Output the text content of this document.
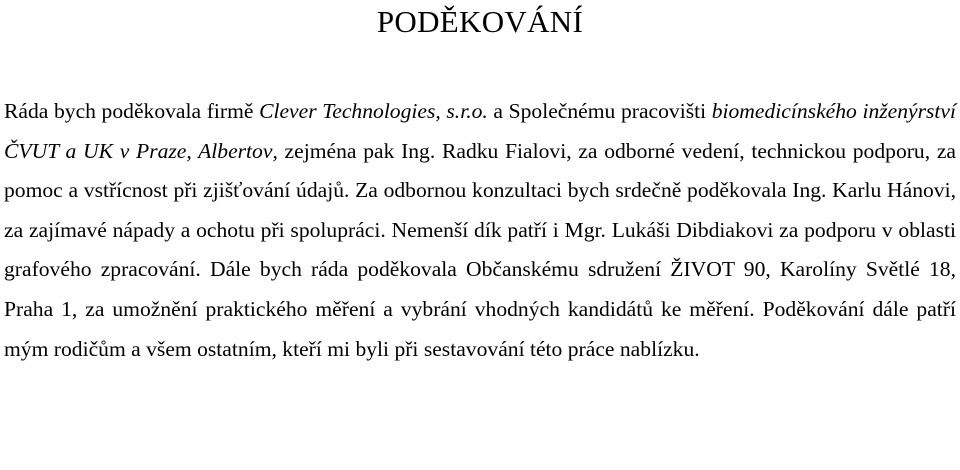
PODĚKOVÁNÍ

Ráda bych poděkovala firmě Clever Technologies, s.r.o. a Společnému pracovišti biomedicínského inženýrství ČVUT a UK v Praze, Albertov, zejména pak Ing. Radku Fialovi, za odborné vedení, technickou podporu, za pomoc a vstřícnost při zjišťování údajů. Za odbornou konzultaci bych srdečně poděkovala Ing. Karlu Hánovi, za zajímavé nápady a ochotu při spolupráci. Nemenší dík patří i Mgr. Lukáši Dibdiakovi za podporu v oblasti grafového zpracování. Dále bych ráda poděkovala Občanskému sdružení ŽIVOT 90, Karolíny Světlé 18, Praha 1, za umožnění praktického měření a vybrání vhodných kandidátů ke měření. Poděkování dále patří mým rodičům a všem ostatním, kteří mi byli při sestavování této práce nablízku.
